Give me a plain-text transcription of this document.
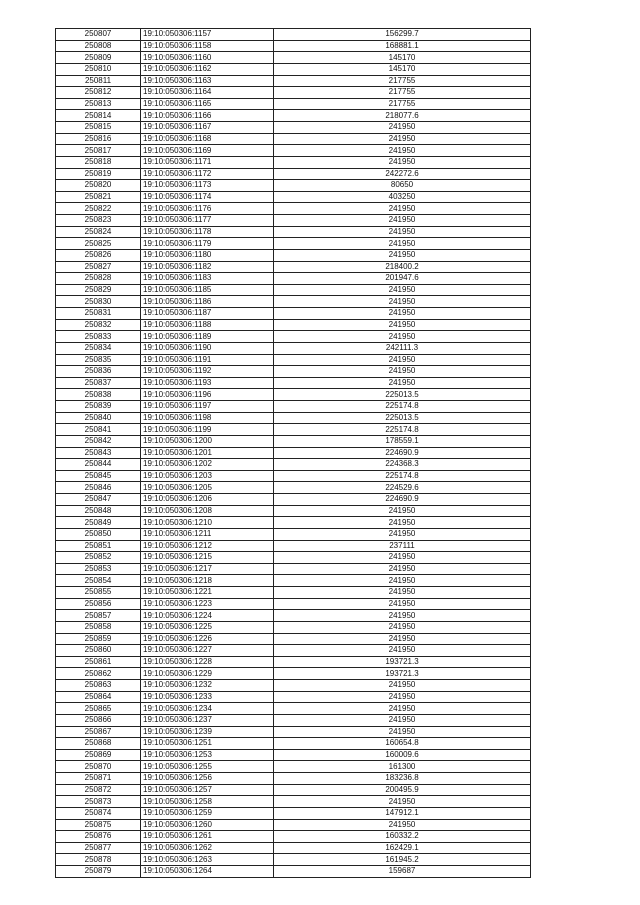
250807	19:10:050306:1157	156299.7
250808	19:10:050306:1158	168881.1
250809	19:10:050306:1160	145170
250810	19:10:050306:1162	145170
250811	19:10:050306:1163	217755
250812	19:10:050306:1164	217755
250813	19:10:050306:1165	217755
250814	19:10:050306:1166	218077.6
250815	19:10:050306:1167	241950
250816	19:10:050306:1168	241950
250817	19:10:050306:1169	241950
250818	19:10:050306:1171	241950
250819	19:10:050306:1172	242272.6
250820	19:10:050306:1173	80650
250821	19:10:050306:1174	403250
250822	19:10:050306:1176	241950
250823	19:10:050306:1177	241950
250824	19:10:050306:1178	241950
250825	19:10:050306:1179	241950
250826	19:10:050306:1180	241950
250827	19:10:050306:1182	218400.2
250828	19:10:050306:1183	201947.6
250829	19:10:050306:1185	241950
250830	19:10:050306:1186	241950
250831	19:10:050306:1187	241950
250832	19:10:050306:1188	241950
250833	19:10:050306:1189	241950
250834	19:10:050306:1190	242111.3
250835	19:10:050306:1191	241950
250836	19:10:050306:1192	241950
250837	19:10:050306:1193	241950
250838	19:10:050306:1196	225013.5
250839	19:10:050306:1197	225174.8
250840	19:10:050306:1198	225013.5
250841	19:10:050306:1199	225174.8
250842	19:10:050306:1200	178559.1
250843	19:10:050306:1201	224690.9
250844	19:10:050306:1202	224368.3
250845	19:10:050306:1203	225174.8
250846	19:10:050306:1205	224529.6
250847	19:10:050306:1206	224690.9
250848	19:10:050306:1208	241950
250849	19:10:050306:1210	241950
250850	19:10:050306:1211	241950
250851	19:10:050306:1212	237111
250852	19:10:050306:1215	241950
250853	19:10:050306:1217	241950
250854	19:10:050306:1218	241950
250855	19:10:050306:1221	241950
250856	19:10:050306:1223	241950
250857	19:10:050306:1224	241950
250858	19:10:050306:1225	241950
250859	19:10:050306:1226	241950
250860	19:10:050306:1227	241950
250861	19:10:050306:1228	193721.3
250862	19:10:050306:1229	193721.3
250863	19:10:050306:1232	241950
250864	19:10:050306:1233	241950
250865	19:10:050306:1234	241950
250866	19:10:050306:1237	241950
250867	19:10:050306:1239	241950
250868	19:10:050306:1251	160654.8
250869	19:10:050306:1253	160009.6
250870	19:10:050306:1255	161300
250871	19:10:050306:1256	183236.8
250872	19:10:050306:1257	200495.9
250873	19:10:050306:1258	241950
250874	19:10:050306:1259	147912.1
250875	19:10:050306:1260	241950
250876	19:10:050306:1261	160332.2
250877	19:10:050306:1262	162429.1
250878	19:10:050306:1263	161945.2
250879	19:10:050306:1264	159687
